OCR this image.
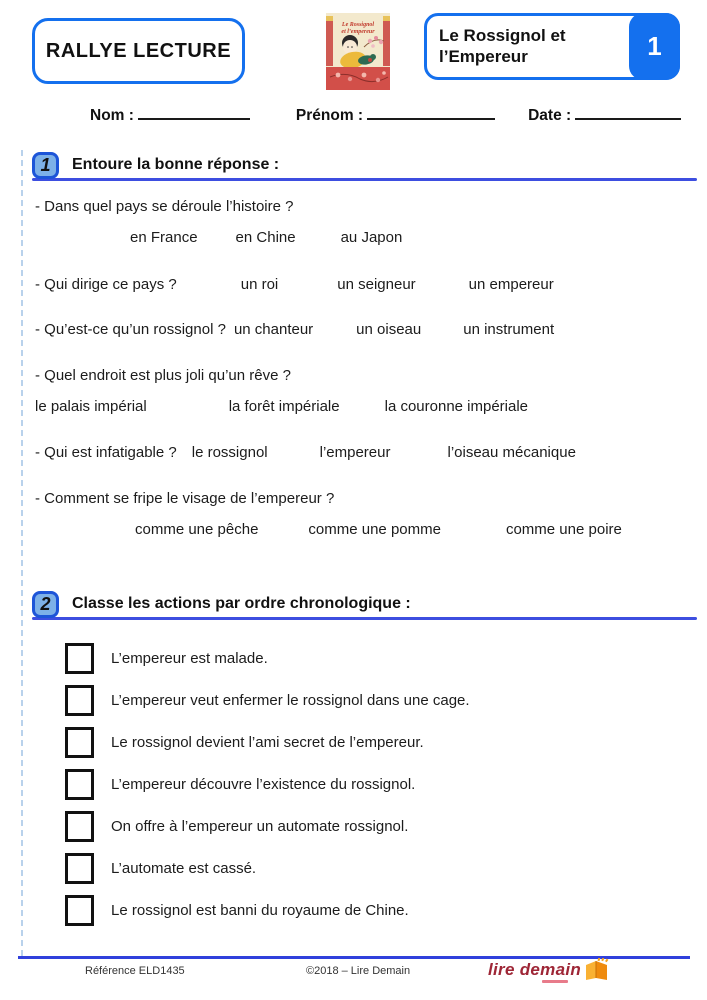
RALLYE LECTURE
Le Rossignol
et l’empereur	Le Rossignol et l’Empereur	1
Nom :	Prénom :	Date :
1 Entoure la bonne réponse :
- Dans quel pays se déroule l’histoire ?
en France	en Chine	au Japon
- Qui dirige ce pays ?	un roi	un seigneur	un empereur
- Qu’est-ce qu’un rossignol ? un chanteur	un oiseau	un instrument
- Quel endroit est plus joli qu’un rêve ?
le palais impérial	la forêt impériale	la couronne impériale
- Qui est infatigable ? le rossignol	l’empereur	l’oiseau mécanique
- Comment se fripe le visage de l’empereur ?
comme une pêche	comme une pomme	comme une poire
2 Classe les actions par ordre chronologique :
L’empereur est malade.
L’empereur veut enfermer le rossignol dans une cage.
Le rossignol devient l’ami secret de l’empereur.
L’empereur découvre l’existence du rossignol.
On offre à l’empereur un automate rossignol.
L’automate est cassé.
Le rossignol est banni du royaume de Chine.
Référence ELD1435	©2018 – Lire Demain	lire demain
